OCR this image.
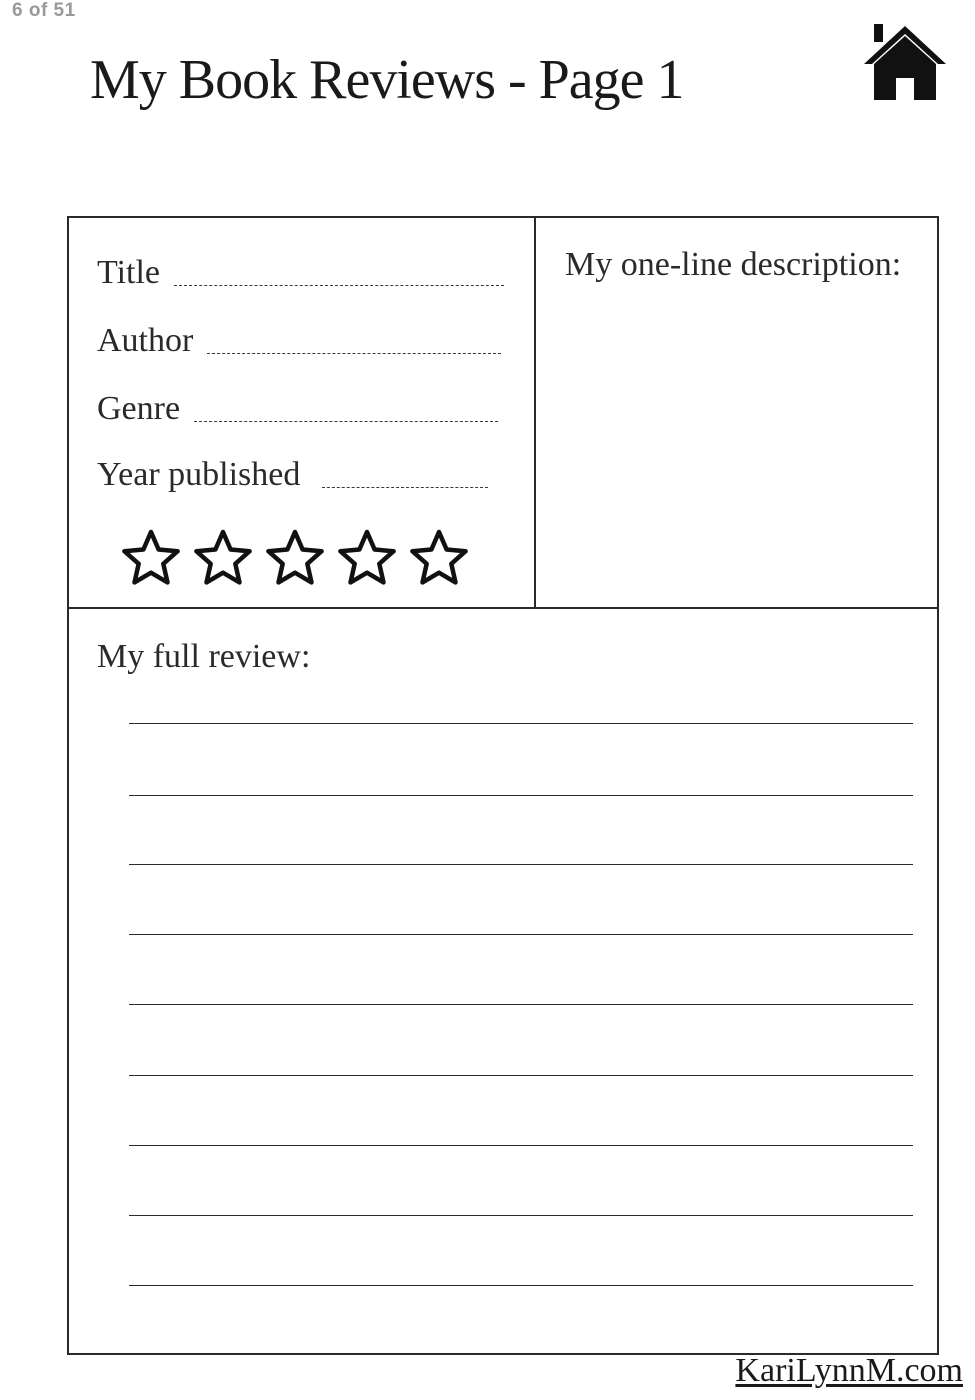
6 of 51
My Book Reviews - Page 1
Title
Author
Genre
Year published
My one-line description:
My full review:
KariLynnM.com
